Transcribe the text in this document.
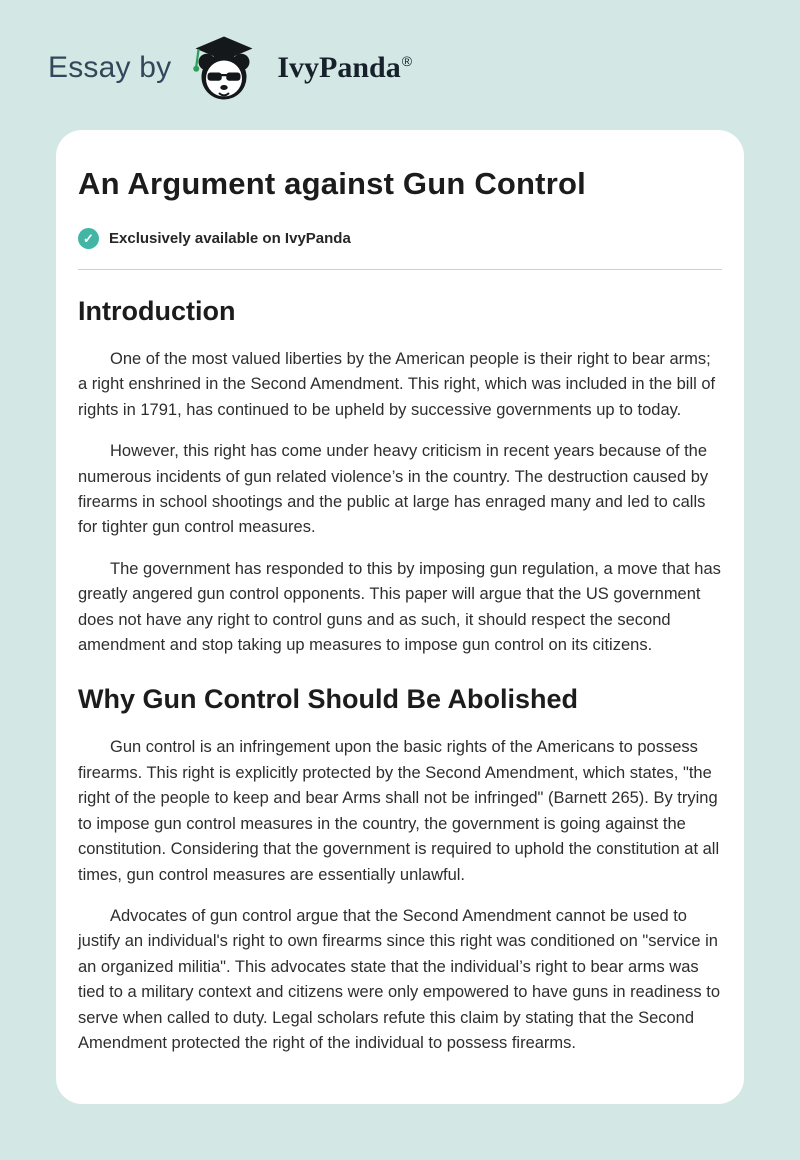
Essay by	IvyPanda®
An Argument against Gun Control
✓	Exclusively available on IvyPanda
Introduction

One of the most valued liberties by the American people is their right to bear arms; a right enshrined in the Second Amendment. This right, which was included in the bill of rights in 1791, has continued to be upheld by successive governments up to today.

However, this right has come under heavy criticism in recent years because of the numerous incidents of gun related violence’s in the country. The destruction caused by firearms in school shootings and the public at large has enraged many and led to calls for tighter gun control measures.

The government has responded to this by imposing gun regulation, a move that has greatly angered gun control opponents. This paper will argue that the US government does not have any right to control guns and as such, it should respect the second amendment and stop taking up measures to impose gun control on its citizens.

Why Gun Control Should Be Abolished

Gun control is an infringement upon the basic rights of the Americans to possess firearms. This right is explicitly protected by the Second Amendment, which states, "the right of the people to keep and bear Arms shall not be infringed" (Barnett 265). By trying to impose gun control measures in the country, the government is going against the constitution. Considering that the government is required to uphold the constitution at all times, gun control measures are essentially unlawful.

Advocates of gun control argue that the Second Amendment cannot be used to justify an individual's right to own firearms since this right was conditioned on "service in an organized militia". This advocates state that the individual’s right to bear arms was tied to a military context and citizens were only empowered to have guns in readiness to serve when called to duty. Legal scholars refute this claim by stating that the Second Amendment protected the right of the individual to possess firearms.
